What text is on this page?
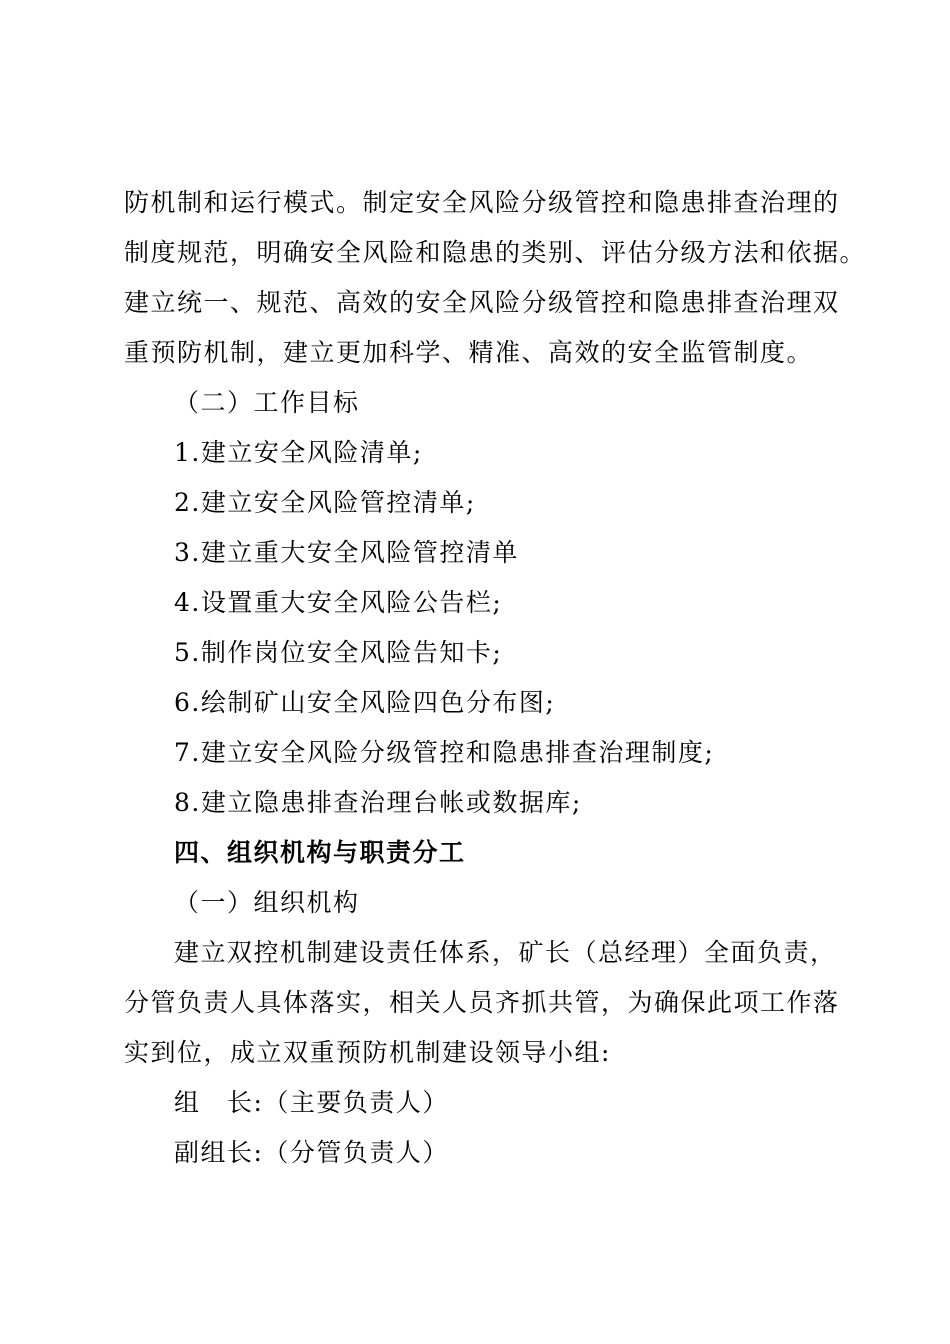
防机制和运行模式。制定安全风险分级管控和隐患排查治理的
制度规范，明确安全风险和隐患的类别、评估分级方法和依据。
建立统一、规范、高效的安全风险分级管控和隐患排查治理双
重预防机制，建立更加科学、精准、高效的安全监管制度。
（二）工作目标
1.建立安全风险清单;
2.建立安全风险管控清单;
3.建立重大安全风险管控清单
4.设置重大安全风险公告栏;
5.制作岗位安全风险告知卡;
6.绘制矿山安全风险四色分布图;
7.建立安全风险分级管控和隐患排查治理制度;
8.建立隐患排查治理台帐或数据库;
四、组织机构与职责分工
（一）组织机构
建立双控机制建设责任体系，矿长（总经理）全面负责，
分管负责人具体落实，相关人员齐抓共管，为确保此项工作落
实到位，成立双重预防机制建设领导小组:
组　长:（主要负责人）
副组长:（分管负责人）
